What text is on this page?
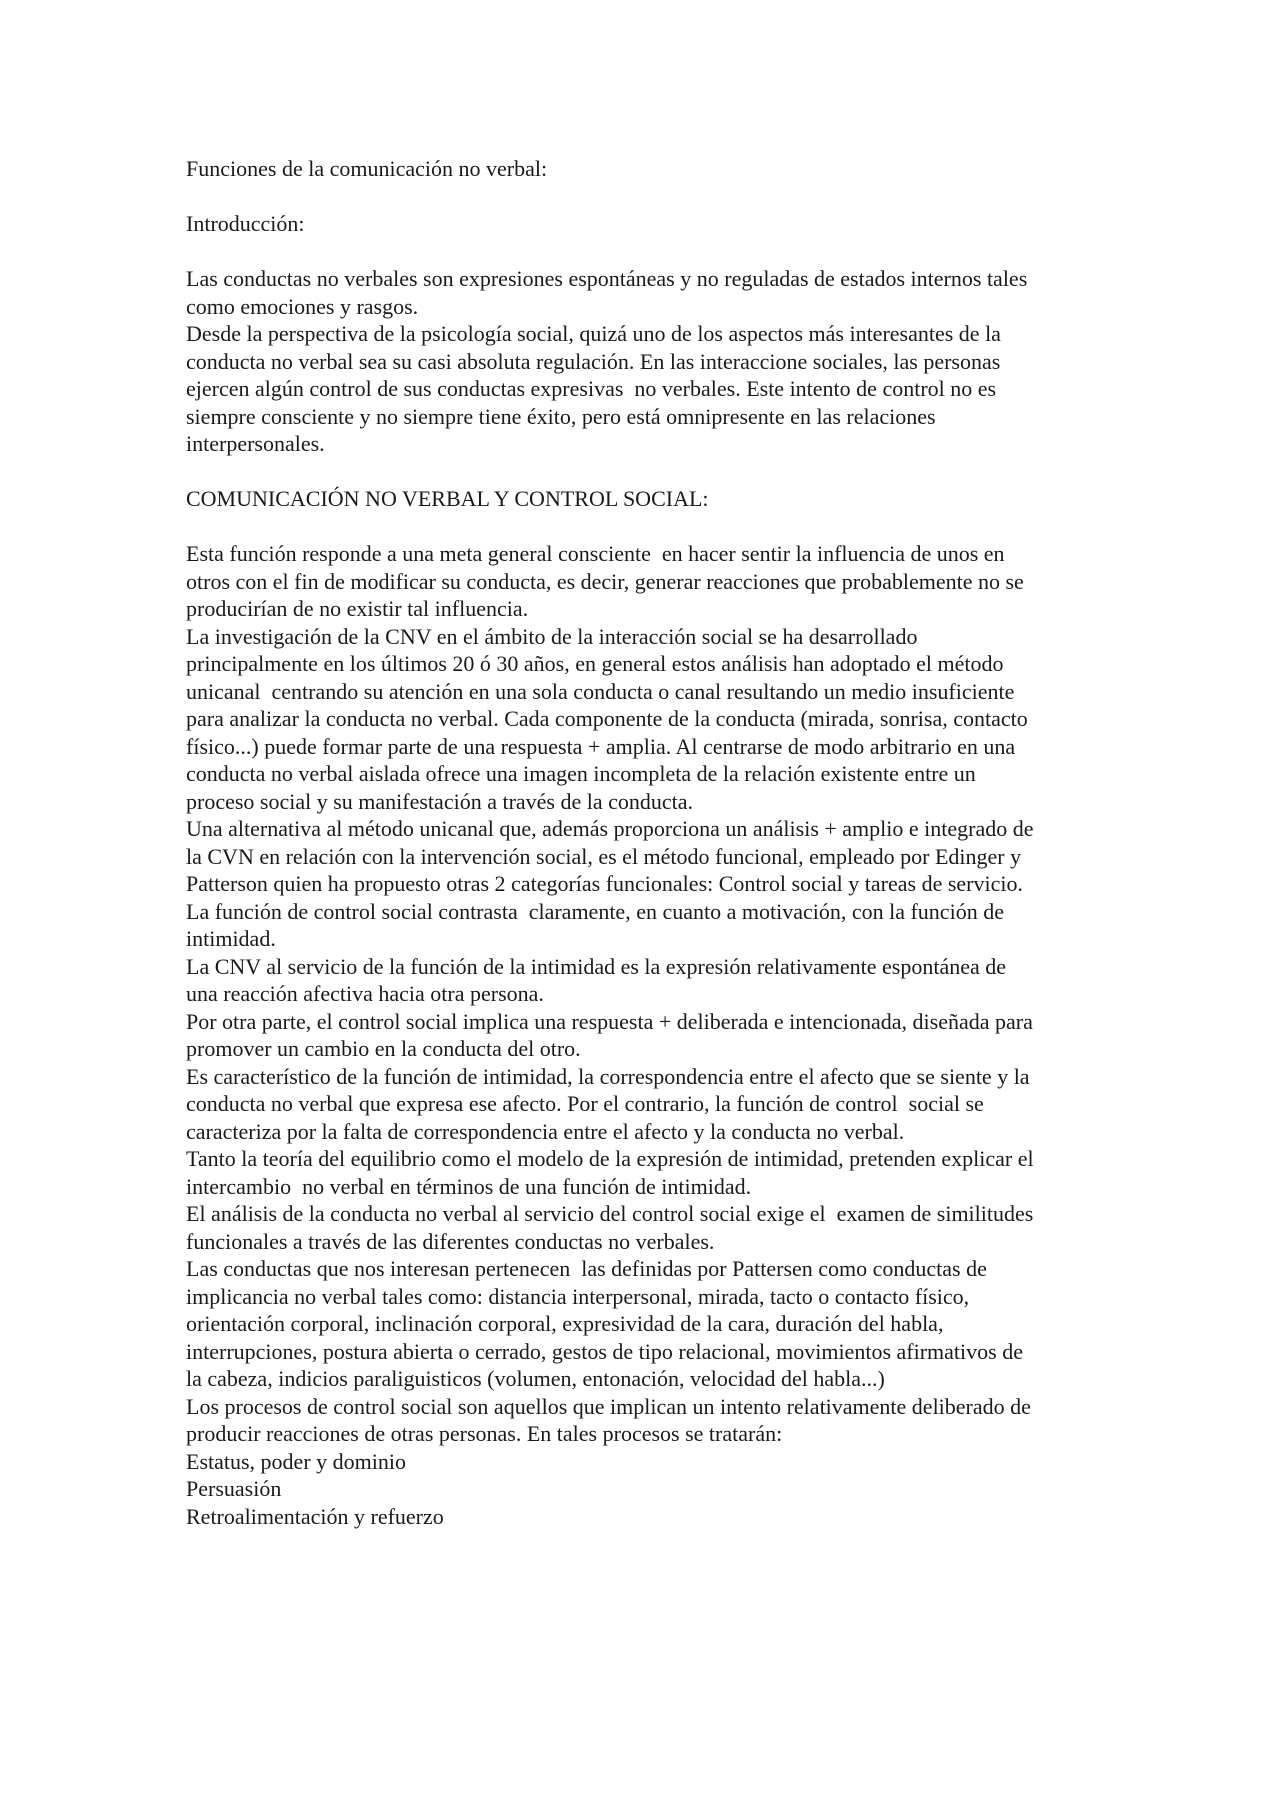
Funciones de la comunicación no verbal:

Introducción:

Las conductas no verbales son expresiones espontáneas y no reguladas de estados internos tales

como emociones y rasgos.

Desde la perspectiva de la psicología social, quizá uno de los aspectos más interesantes de la

conducta no verbal sea su casi absoluta regulación. En las interaccione sociales, las personas

ejercen algún control de sus conductas expresivas  no verbales. Este intento de control no es

siempre consciente y no siempre tiene éxito, pero está omnipresente en las relaciones

interpersonales.

COMUNICACIÓN NO VERBAL Y CONTROL SOCIAL:

Esta función responde a una meta general consciente  en hacer sentir la influencia de unos en

otros con el fin de modificar su conducta, es decir, generar reacciones que probablemente no se

producirían de no existir tal influencia.

La investigación de la CNV en el ámbito de la interacción social se ha desarrollado

principalmente en los últimos 20 ó 30 años, en general estos análisis han adoptado el método

unicanal  centrando su atención en una sola conducta o canal resultando un medio insuficiente

para analizar la conducta no verbal. Cada componente de la conducta (mirada, sonrisa, contacto

físico...) puede formar parte de una respuesta + amplia. Al centrarse de modo arbitrario en una

conducta no verbal aislada ofrece una imagen incompleta de la relación existente entre un

proceso social y su manifestación a través de la conducta.

Una alternativa al método unicanal que, además proporciona un análisis + amplio e integrado de

la CVN en relación con la intervención social, es el método funcional, empleado por Edinger y

Patterson quien ha propuesto otras 2 categorías funcionales: Control social y tareas de servicio.

La función de control social contrasta  claramente, en cuanto a motivación, con la función de

intimidad.

La CNV al servicio de la función de la intimidad es la expresión relativamente espontánea de

una reacción afectiva hacia otra persona.

Por otra parte, el control social implica una respuesta + deliberada e intencionada, diseñada para

promover un cambio en la conducta del otro.

Es característico de la función de intimidad, la correspondencia entre el afecto que se siente y la

conducta no verbal que expresa ese afecto. Por el contrario, la función de control  social se

caracteriza por la falta de correspondencia entre el afecto y la conducta no verbal.

Tanto la teoría del equilibrio como el modelo de la expresión de intimidad, pretenden explicar el

intercambio  no verbal en términos de una función de intimidad.

El análisis de la conducta no verbal al servicio del control social exige el  examen de similitudes

funcionales a través de las diferentes conductas no verbales.

Las conductas que nos interesan pertenecen  las definidas por Pattersen como conductas de

implicancia no verbal tales como: distancia interpersonal, mirada, tacto o contacto físico,

orientación corporal, inclinación corporal, expresividad de la cara, duración del habla,

interrupciones, postura abierta o cerrado, gestos de tipo relacional, movimientos afirmativos de

la cabeza, indicios paraliguisticos (volumen, entonación, velocidad del habla...)

Los procesos de control social son aquellos que implican un intento relativamente deliberado de

producir reacciones de otras personas. En tales procesos se tratarán:

Estatus, poder y dominio

Persuasión

Retroalimentación y refuerzo
